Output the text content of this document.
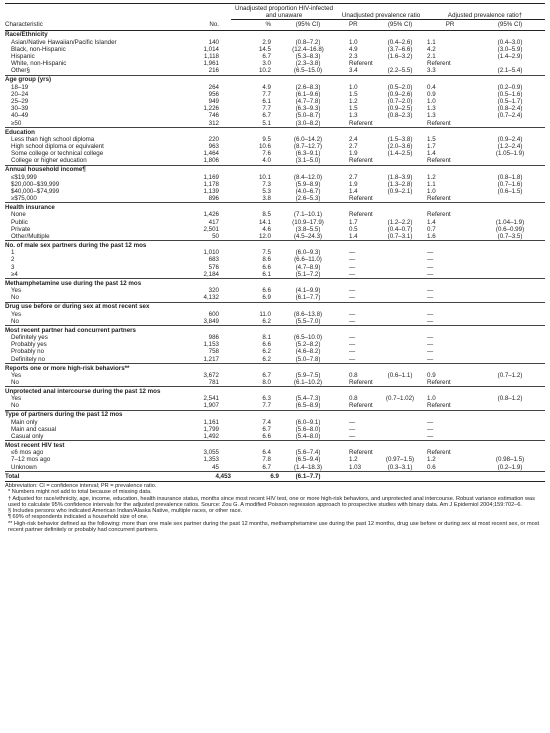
		Unadjusted proportion HIV-infected and unaware		Unadjusted prevalence ratio		Adjusted prevalence ratio†	
Characteristic	No.	%	(95% CI)	PR	(95% CI)	PR	(95% CI)

Race/Ethnicity							

Asian/Native Hawaiian/Pacific Islander	140	2.9	(0.8–7.2)	1.0	(0.4–2.6)	1.1	(0.4–3.0)
Black, non-Hispanic	1,014	14.5	(12.4–16.8)	4.9	(3.7–6.6)	4.2	(3.0–5.9)
Hispanic	1,118	6.7	(5.3–8.3)	2.3	(1.6–3.2)	2.1	(1.4–2.9)
White, non-Hispanic	1,961	3.0	(2.3–3.8)	Referent		Referent	
Other§	216	10.2	(6.5–15.0)	3.4	(2.2–5.5)	3.3	(2.1–5.4)

Age group (yrs)							

18–19	264	4.9	(2.6–8.3)	1.0	(0.5–2.0)	0.4	(0.2–0.9)
20–24	956	7.7	(6.1–9.6)	1.5	(0.9–2.6)	0.9	(0.5–1.6)
25–29	949	6.1	(4.7–7.8)	1.2	(0.7–2.0)	1.0	(0.5–1.7)
30–39	1,226	7.7	(6.3–9.3)	1.5	(0.9–2.5)	1.3	(0.8–2.4)
40–49	746	6.7	(5.0–8.7)	1.3	(0.8–2.3)	1.3	(0.7–2.4)
≥50	312	5.1	(3.0–8.2)	Referent		Referent	

Education							

Less than high school diploma	220	9.5	(6.0–14.2)	2.4	(1.5–3.8)	1.5	(0.9–2.4)
High school diploma or equivalent	963	10.6	(8.7–12.7)	2.7	(2.0–3.6)	1.7	(1.2–2.4)
Some college or technical college	1,464	7.6	(6.3–9.1)	1.9	(1.4–2.5)	1.4	(1.05–1.9)
College or higher education	1,806	4.0	(3.1–5.0)	Referent		Referent	

Annual household income¶							

≤$19,999	1,169	10.1	(8.4–12.0)	2.7	(1.8–3.9)	1.2	(0.8–1.8)
$20,000–$39,999	1,178	7.3	(5.9–8.9)	1.9	(1.3–2.8)	1.1	(0.7–1.6)
$40,000–$74,999	1,139	5.3	(4.0–6.7)	1.4	(0.9–2.1)	1.0	(0.6–1.5)
≥$75,000	896	3.8	(2.6–5.3)	Referent		Referent	

Health insurance							

None	1,426	8.5	(7.1–10.1)	Referent		Referent	
Public	417	14.1	(10.9–17.9)	1.7	(1.2–2.2)	1.4	(1.04–1.9)
Private	2,501	4.6	(3.8–5.5)	0.5	(0.4–0.7)	0.7	(0.6–0.99)
Other/Multiple	50	12.0	(4.5–24.3)	1.4	(0.7–3.1)	1.6	(0.7–3.5)

No. of male sex partners during the past 12 mos							

1	1,010	7.5	(6.0–9.3)	—		—	
2	683	8.6	(6.6–11.0)	—		—	
3	576	6.6	(4.7–8.9)	—		—	
≥4	2,184	6.1	(5.1–7.2)	—		—	

Methamphetamine use during the past 12 mos							

Yes	320	6.6	(4.1–9.9)	—		—	
No	4,132	6.9	(6.1–7.7)	—		—	

Drug use before or during sex at most recent sex							

Yes	600	11.0	(8.6–13.8)	—		—	
No	3,849	6.2	(5.5–7.0)	—		—	

Most recent partner had concurrent partners							

Definitely yes	986	8.1	(6.5–10.0)	—		—	
Probably yes	1,153	6.6	(5.2–8.2)	—		—	
Probably no	758	6.2	(4.6–8.2)	—		—	
Definitely no	1,217	6.2	(5.0–7.8)	—		—	

Reports one or more high-risk behaviors**							

Yes	3,672	6.7	(5.9–7.5)	0.8	(0.6–1.1)	0.9	(0.7–1.2)
No	781	8.0	(6.1–10.2)	Referent		Referent	

Unprotected anal intercourse during the past 12 mos							

Yes	2,541	6.3	(5.4–7.3)	0.8	(0.7–1.02)	1.0	(0.8–1.2)
No	1,907	7.7	(6.5–8.9)	Referent		Referent	

Type of partners during the past 12 mos							

Main only	1,161	7.4	(6.0–9.1)	—		—	
Main and casual	1,799	6.7	(5.6–8.0)	—		—	
Casual only	1,492	6.6	(5.4–8.0)	—		—	

Most recent HIV test							

≤6 mos ago	3,055	6.4	(5.6–7.4)	Referent		Referent	
7–12 mos ago	1,353	7.8	(6.5–9.4)	1.2	(0.97–1.5)	1.2	(0.98–1.5)
Unknown	45	6.7	(1.4–18.3)	1.03	(0.3–3.1)	0.6	(0.2–1.9)
Total	4,453	6.9	(6.1–7.7)				

Abbreviation: CI = confidence interval; PR = prevalence ratio.

* Numbers might not add to total because of missing data.

† Adjusted for race/ethnicity, age, income, education, health insurance status, months since most recent HIV test, one or more high-risk behaviors, and unprotected anal intercourse. Robust variance estimation was used to calculate 95% confidence intervals for the adjusted prevalence ratios. Source: Zou G. A modified Poisson regression approach to prospective studies with binary data. Am J Epidemiol 2004;159:702–6.

§ Includes persons who indicated American Indian/Alaska Native, multiple races, or other race.

¶ 69% of respondents indicated a household size of one.

** High-risk behavior defined as the following: more than one male sex partner during the past 12 months, methamphetamine use during the past 12 months, drug use before or during sex at most recent sex, or most recent partner definitely or probably had concurrent partners.
